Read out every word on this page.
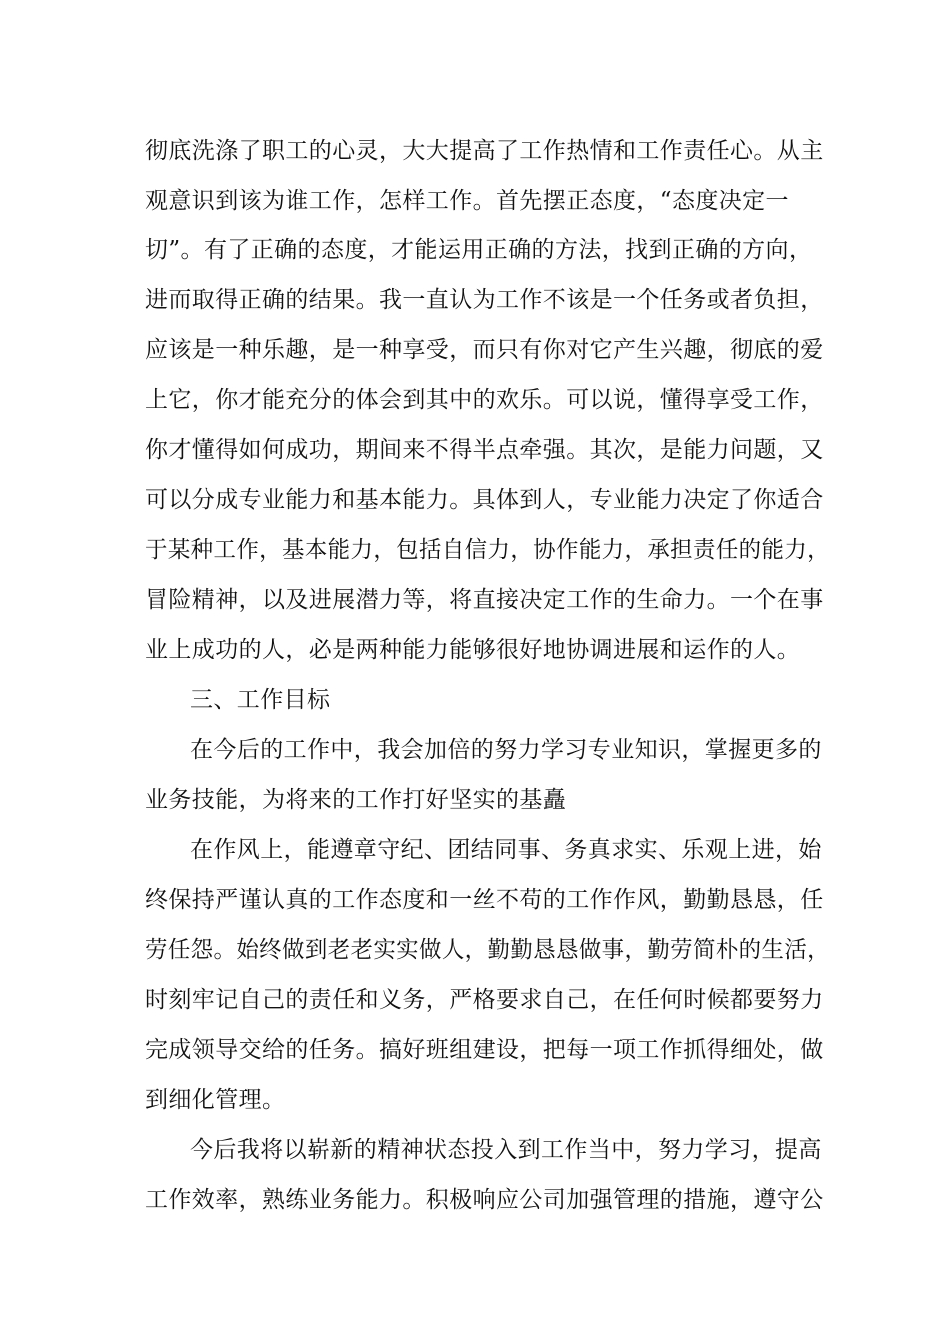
彻底洗涤了职工的心灵，大大提高了工作热情和工作责任心。从主
观意识到该为谁工作，怎样工作。首先摆正态度，“态度决定一
切”。有了正确的态度，才能运用正确的方法，找到正确的方向，
进而取得正确的结果。我一直认为工作不该是一个任务或者负担，
应该是一种乐趣，是一种享受，而只有你对它产生兴趣，彻底的爱
上它，你才能充分的体会到其中的欢乐。可以说，懂得享受工作，
你才懂得如何成功，期间来不得半点牵强。其次，是能力问题，又
可以分成专业能力和基本能力。具体到人，专业能力决定了你适合
于某种工作，基本能力，包括自信力，协作能力，承担责任的能力，
冒险精神，以及进展潜力等，将直接决定工作的生命力。一个在事
业上成功的人，必是两种能力能够很好地协调进展和运作的人。
三、工作目标
在今后的工作中，我会加倍的努力学习专业知识，掌握更多的
业务技能，为将来的工作打好坚实的基矗
在作风上，能遵章守纪、团结同事、务真求实、乐观上进，始
终保持严谨认真的工作态度和一丝不苟的工作作风，勤勤恳恳，任
劳任怨。始终做到老老实实做人，勤勤恳恳做事，勤劳简朴的生活，
时刻牢记自己的责任和义务，严格要求自己，在任何时候都要努力
完成领导交给的任务。搞好班组建设，把每一项工作抓得细处，做
到细化管理。
今后我将以崭新的精神状态投入到工作当中，努力学习，提高
工作效率，熟练业务能力。积极响应公司加强管理的措施，遵守公
